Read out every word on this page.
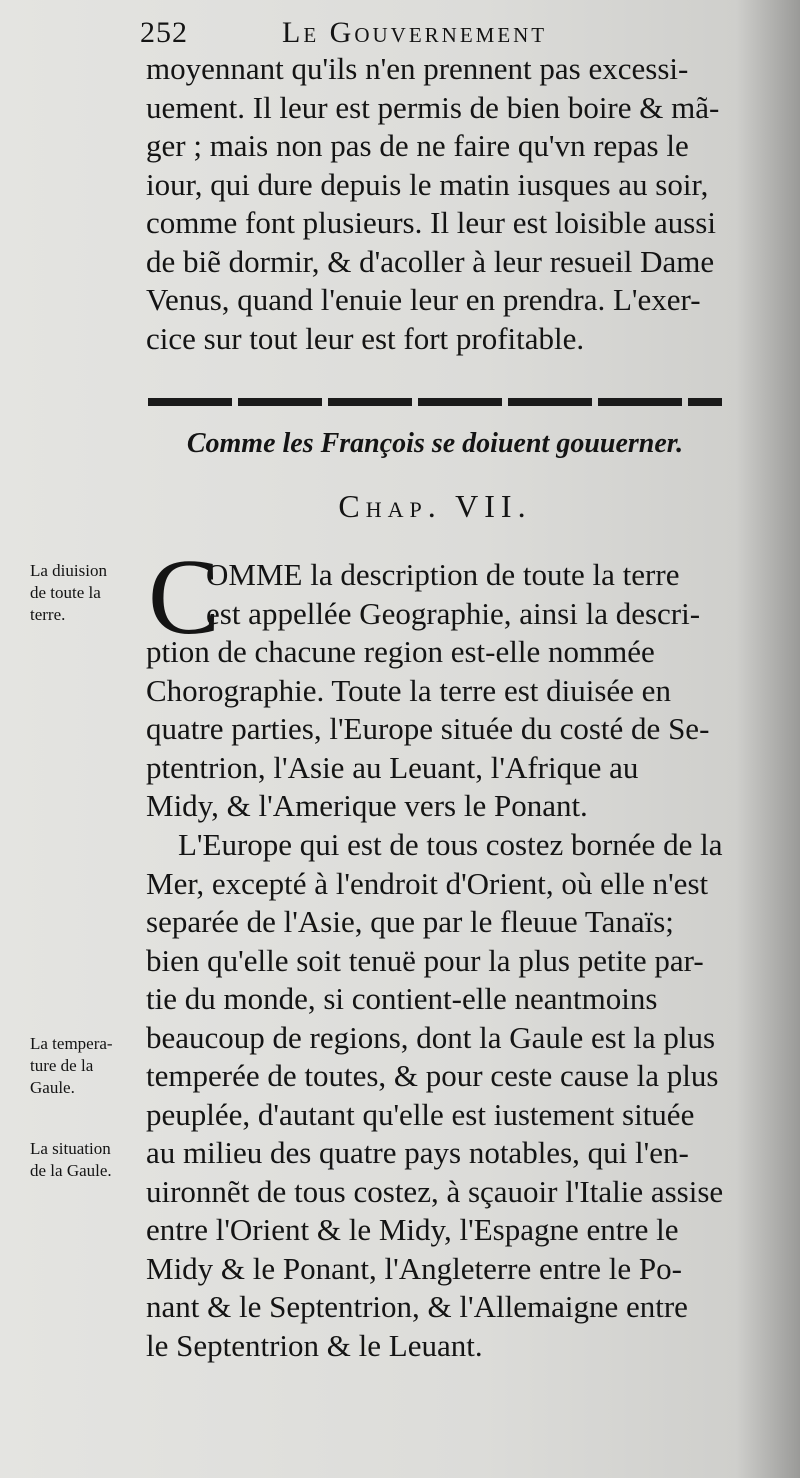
252	Le Gouvernement
moyennant qu'ils n'en prennent pas excessi-
uement. Il leur est permis de bien boire & mã-
ger ; mais non pas de ne faire qu'vn repas le
iour, qui dure depuis le matin iusques au soir,
comme font plusieurs. Il leur est loisible aussi
de biẽ dormir, & d'acoller à leur resueil Dame
Venus, quand l'enuie leur en prendra. L'exer-
cice sur tout leur est fort profitable.
Comme les François se doiuent gouuerner.
Chap. VII.
C
OMME la description de toute la terre
est appellée Geographie, ainsi la descri-
ption de chacune region est-elle nommée
Chorographie. Toute la terre est diuisée en
quatre parties, l'Europe située du costé de Se-
ptentrion, l'Asie au Leuant, l'Afrique au
Midy, & l'Amerique vers le Ponant.
L'Europe qui est de tous costez bornée de la
Mer, excepté à l'endroit d'Orient, où elle n'est
separée de l'Asie, que par le fleuue Tanaïs;
bien qu'elle soit tenuë pour la plus petite par-
tie du monde, si contient-elle neantmoins
beaucoup de regions, dont la Gaule est la plus
temperée de toutes, & pour ceste cause la plus
peuplée, d'autant qu'elle est iustement située
au milieu des quatre pays notables, qui l'en-
uironnẽt de tous costez, à sçauoir l'Italie assise
entre l'Orient & le Midy, l'Espagne entre le
Midy & le Ponant, l'Angleterre entre le Po-
nant & le Septentrion, & l'Allemaigne entre
le Septentrion & le Leuant.
La diuision
de toute la
terre.
La tempera-
ture de la
Gaule.
La situation
de la Gaule.
